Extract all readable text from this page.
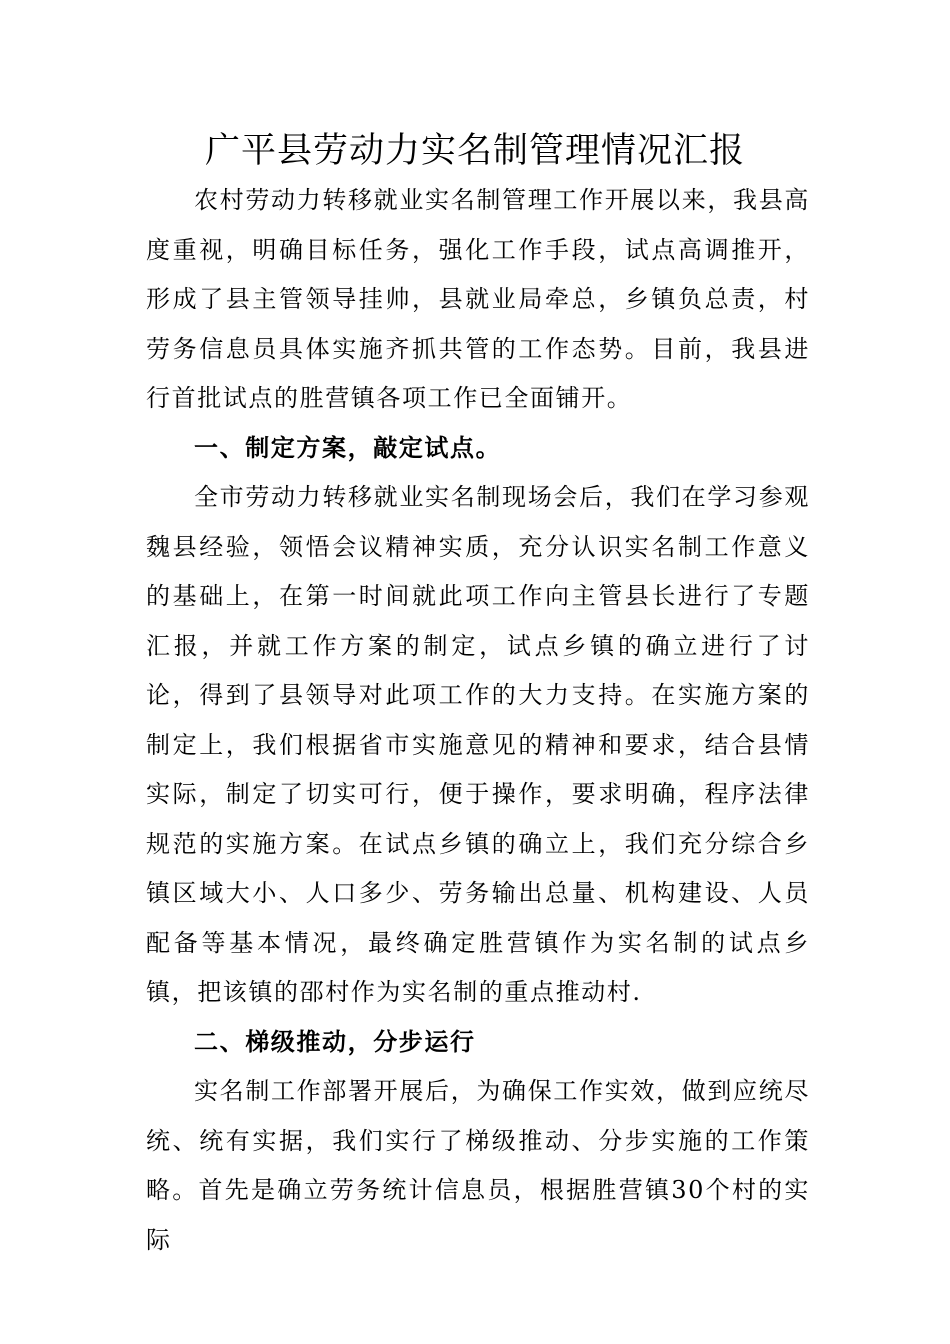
广平县劳动力实名制管理情况汇报

农村劳动力转移就业实名制管理工作开展以来，我县高度重视，明确目标任务，强化工作手段，试点高调推开，形成了县主管领导挂帅，县就业局牵总，乡镇负总责，村劳务信息员具体实施齐抓共管的工作态势。目前，我县进行首批试点的胜营镇各项工作已全面铺开。

一、制定方案，敲定试点。

全市劳动力转移就业实名制现场会后，我们在学习参观魏县经验，领悟会议精神实质，充分认识实名制工作意义的基础上，在第一时间就此项工作向主管县长进行了专题汇报，并就工作方案的制定，试点乡镇的确立进行了讨论，得到了县领导对此项工作的大力支持。在实施方案的制定上，我们根据省市实施意见的精神和要求，结合县情实际，制定了切实可行，便于操作，要求明确，程序法律规范的实施方案。在试点乡镇的确立上，我们充分综合乡镇区域大小、人口多少、劳务输出总量、机构建设、人员配备等基本情况，最终确定胜营镇作为实名制的试点乡镇，把该镇的邵村作为实名制的重点推动村.

二、梯级推动，分步运行

实名制工作部署开展后，为确保工作实效，做到应统尽统、统有实据，我们实行了梯级推动、分步实施的工作策略。首先是确立劳务统计信息员，根据胜营镇30个村的实际
